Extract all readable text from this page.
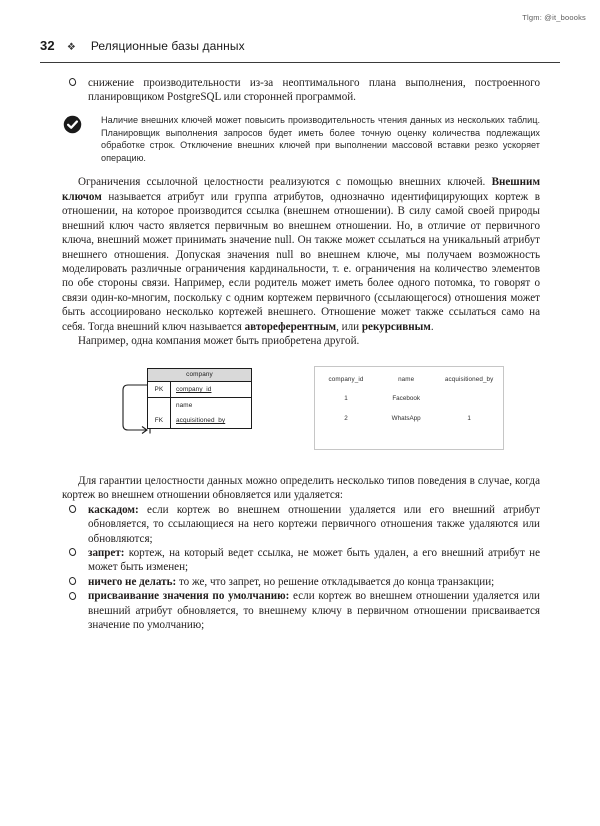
Tlgm: @it_boooks
32 ❖ Реляционные базы данных
снижение производительности из-за неоптимального плана выполнения, построенного планировщиком PostgreSQL или сторонней программой.

Наличие внешних ключей может повысить производительность чтения данных из нескольких таблиц. Планировщик выполнения запросов будет иметь более точную оценку количества подлежащих обработке строк. Отключение внешних ключей при выполнении массовой вставки резко ускоряет операцию.

Ограничения ссылочной целостности реализуются с помощью внешних ключей. Внешним ключом называется атрибут или группа атрибутов, однозначно идентифицирующих кортеж в отношении, на которое производится ссылка (внешнем отношении). В силу самой своей природы внешний ключ часто является первичным во внешнем отношении. Но, в отличие от первичного ключа, внешний может принимать значение null. Он также может ссылаться на уникальный атрибут внешнего отношения. Допуская значения null во внешнем ключе, мы получаем возможность моделировать различные ограничения кардинальности, т. е. ограничения на количество элементов по обе стороны связи. Например, если родитель может иметь более одного потомка, то говорят о связи один-ко-многим, поскольку с одним кортежем первичного (ссылающегося) отношения может быть ассоциировано несколько кортежей внешнего. Отношение может также ссылаться само на себя. Тогда внешний ключ называется автореферентным, или рекурсивным.

Например, одна компания может быть приобретена другой.

company
PK	company_id
name
FK	acquisitioned_by
company_id	name	acquisitioned_by
1	Facebook	
2	WhatsApp	1

Для гарантии целостности данных можно определить несколько типов поведения в случае, когда кортеж во внешнем отношении обновляется или удаляется:

каскадом: если кортеж во внешнем отношении удаляется или его внешний атрибут обновляется, то ссылающиеся на него кортежи первичного отношения также удаляются или обновляются;
запрет: кортеж, на который ведет ссылка, не может быть удален, а его внешний атрибут не может быть изменен;
ничего не делать: то же, что запрет, но решение откладывается до конца транзакции;
присваивание значения по умолчанию: если кортеж во внешнем отношении удаляется или внешний атрибут обновляется, то внешнему ключу в первичном отношении присваивается значение по умолчанию;
